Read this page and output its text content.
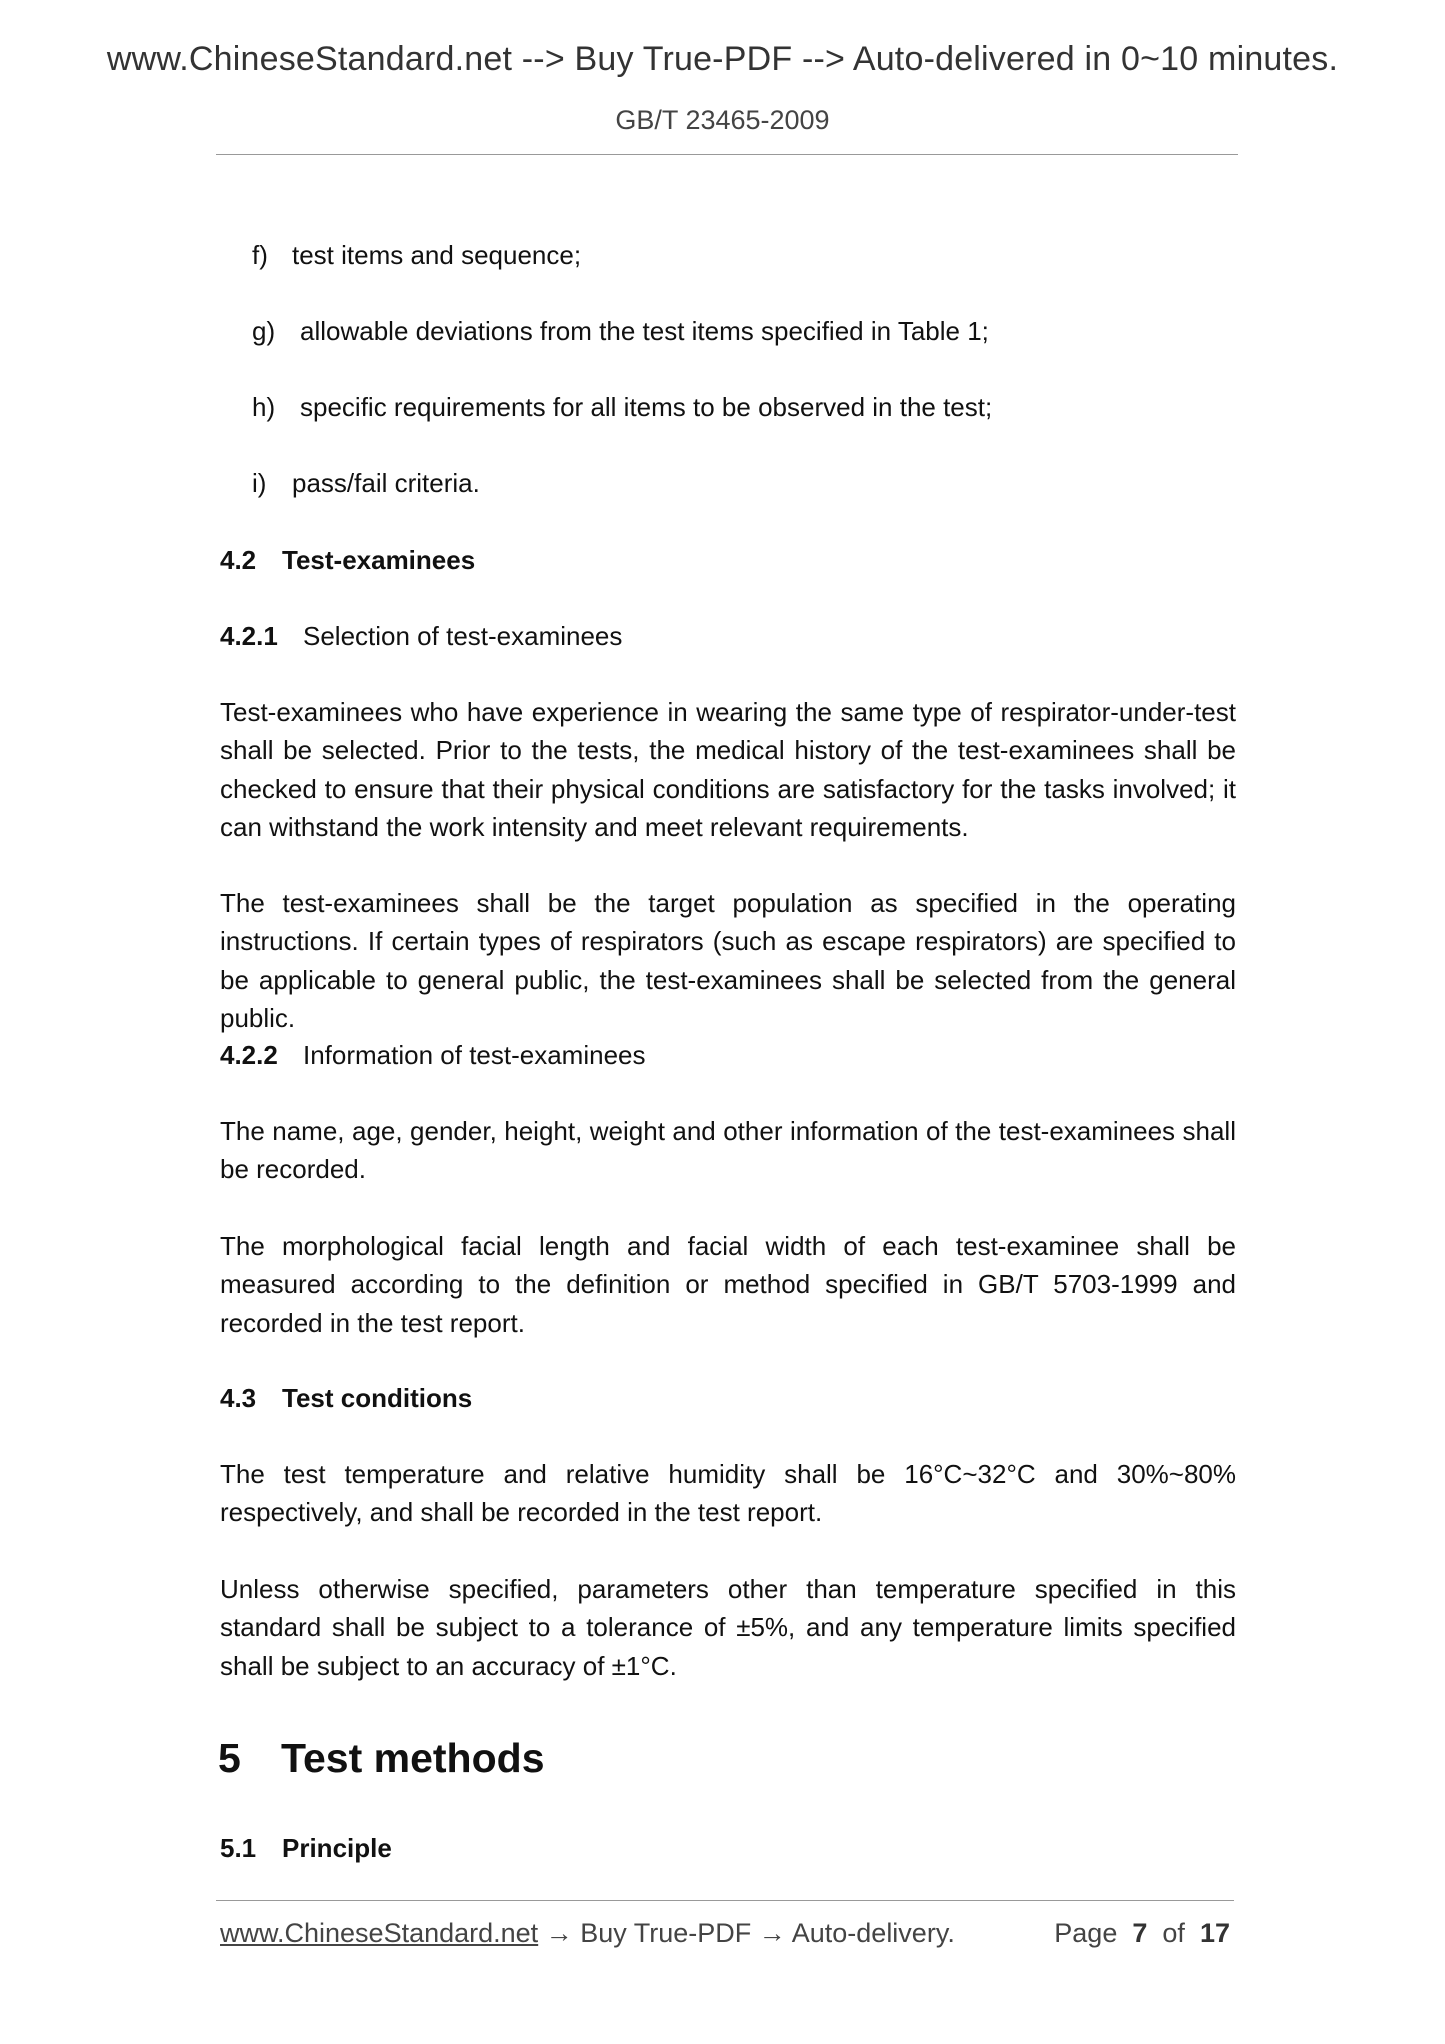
www.ChineseStandard.net --> Buy True-PDF --> Auto-delivered in 0~10 minutes.
GB/T 23465-2009
f) test items and sequence;
g) allowable deviations from the test items specified in Table 1;
h) specific requirements for all items to be observed in the test;
i) pass/fail criteria.
4.2 Test-examinees
4.2.1 Selection of test-examinees

Test-examinees who have experience in wearing the same type of respirator-under-test shall be selected. Prior to the tests, the medical history of the test-examinees shall be checked to ensure that their physical conditions are satisfactory for the tasks involved; it can withstand the work intensity and meet relevant requirements.

The test-examinees shall be the target population as specified in the operating instructions. If certain types of respirators (such as escape respirators) are specified to be applicable to general public, the test-examinees shall be selected from the general public.

4.2.2 Information of test-examinees

The name, age, gender, height, weight and other information of the test-examinees shall be recorded.

The morphological facial length and facial width of each test-examinee shall be measured according to the definition or method specified in GB/T 5703-1999 and recorded in the test report.

4.3 Test conditions

The test temperature and relative humidity shall be 16°C~32°C and 30%~80% respectively, and shall be recorded in the test report.

Unless otherwise specified, parameters other than temperature specified in this standard shall be subject to a tolerance of ±5%, and any temperature limits specified shall be subject to an accuracy of ±1°C.

5 Test methods
5.1 Principle
www.ChineseStandard.net → Buy True-PDF → Auto-delivery.	Page 7 of 17
